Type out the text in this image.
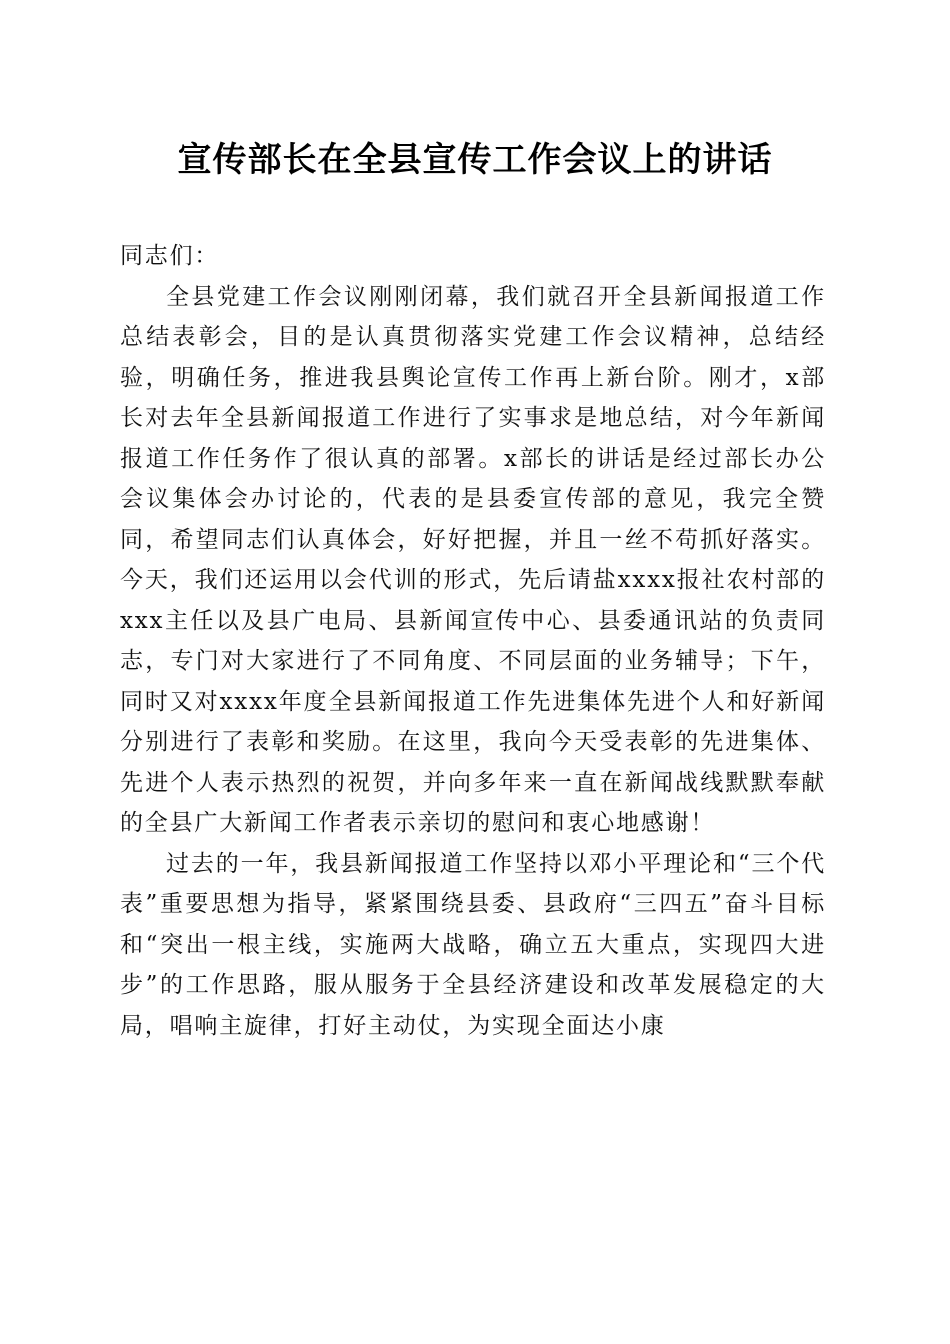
宣传部长在全县宣传工作会议上的讲话

同志们：

全县党建工作会议刚刚闭幕，我们就召开全县新闻报道工作总结表彰会，目的是认真贯彻落实党建工作会议精神，总结经验，明确任务，推进我县舆论宣传工作再上新台阶。刚才，x部长对去年全县新闻报道工作进行了实事求是地总结，对今年新闻报道工作任务作了很认真的部署。x部长的讲话是经过部长办公会议集体会办讨论的，代表的是县委宣传部的意见，我完全赞同，希望同志们认真体会，好好把握，并且一丝不苟抓好落实。今天，我们还运用以会代训的形式，先后请盐xxxx报社农村部的xxx主任以及县广电局、县新闻宣传中心、县委通讯站的负责同志，专门对大家进行了不同角度、不同层面的业务辅导；下午，同时又对xxxx年度全县新闻报道工作先进集体先进个人和好新闻分别进行了表彰和奖励。在这里，我向今天受表彰的先进集体、先进个人表示热烈的祝贺，并向多年来一直在新闻战线默默奉献的全县广大新闻工作者表示亲切的慰问和衷心地感谢！

过去的一年，我县新闻报道工作坚持以邓小平理论和“三个代表”重要思想为指导，紧紧围绕县委、县政府“三四五”奋斗目标和“突出一根主线，实施两大战略，确立五大重点，实现四大进步”的工作思路，服从服务于全县经济建设和改革发展稳定的大局，唱响主旋律，打好主动仗，为实现全面达小康
